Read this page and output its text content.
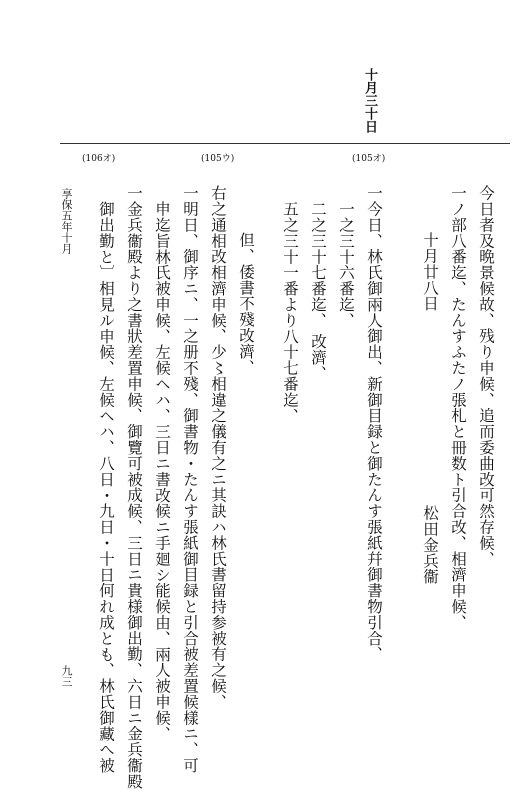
十月三十日
(106オ)	(105ウ)	(105オ)
今日者及晩景候故、残り申候、追而委曲改可然存候、
一ノ部八番迄、たんすふたノ張札と冊数ト引合改、相濟申候、
十月廿八日
松田金兵衞
一今日、林氏御兩人御出、新御目録と御たんす張紙幷御書物引合、
一之三十六番迄、
二之三十七番迄、 改濟、
五之三十一番より八十七番迄、
但、倭書不殘改濟、
右之通相改相濟申候、少〻相違之儀有之ニ其訣ハ林氏書留持参被有之候、
一明日、御序ニ、一之册不殘、御書物・たんす張紙御目録と引合被差置候樣ニ、可
申迄旨林氏被申候、左候ヘハ、三日ニ書改候ニ手廻シ能候由、兩人被申候、
一金兵衞殿より之書狀差置申候、御覽可被成候、三日ニ貴様御出勤、六日ニ金兵衞殿
御出勤と〕相見ル申候、左候ヘハ、八日・九日・十日何れ成とも、林氏御藏へ被
享保五年十月
九三
